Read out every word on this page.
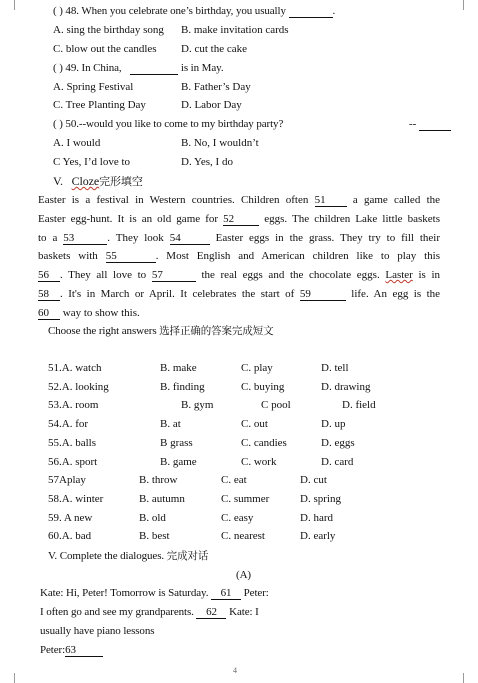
( ) 48. When you celebrate one’s birthday, you usually	.
A. sing the birthday song B. make invitation cards
C. blow out the candles D. cut the cake
( ) 49. In China,	is in May.
A. Spring Festival	B. Father’s Day
C. Tree Planting Day	D. Labor Day
( ) 50.--would you like to come to my birthday party?	--
A. I would	B. No, I wouldn’t
C Yes, I’d love to	D. Yes, I do
V. Cloze完形填空
Easter is a festival in Western countries. Children often 51 a game called the
Easter egg-hunt. It is an old game for 52	eggs. The children Lake little baskets
to a 53	. They look 54	Easter eggs in the grass. They try to fill their
baskets with 55	. Most English and American children like to play this
56 . They all love to 57	the real eggs and the chocolate eggs. Laster is in
58 . It's in March or April. It celebrates the start of 59	life. An egg is the
60 way to show this.
Choose the right answers 选择正确的答案完成短文
51.A. watch	B. make	C. play	D. tell
52.A. looking	B. finding	C. buying	D. drawing
53.A. room	B. gym	C pool	D. field
54.A. for	B. at	C. out	D. up
55.A. balls	B grass	C. candies	D. eggs
56.A. sport	B. game	C. work	D. card
57Aplay	B. throw	C. eat	D. cut
58.A. winter	B. autumn	C. summer	D. spring
59. A new	B. old	C. easy	D. hard
60.A. bad	B. best	C. nearest	D. early
V. Complete the dialogues. 完成对话
(A)
Kate: Hi, Peter! Tomorrow is Saturday. 61 Peter:
I often go and see my grandparents. 62 Kate: I
usually have piano lessons
Peter:63
4
